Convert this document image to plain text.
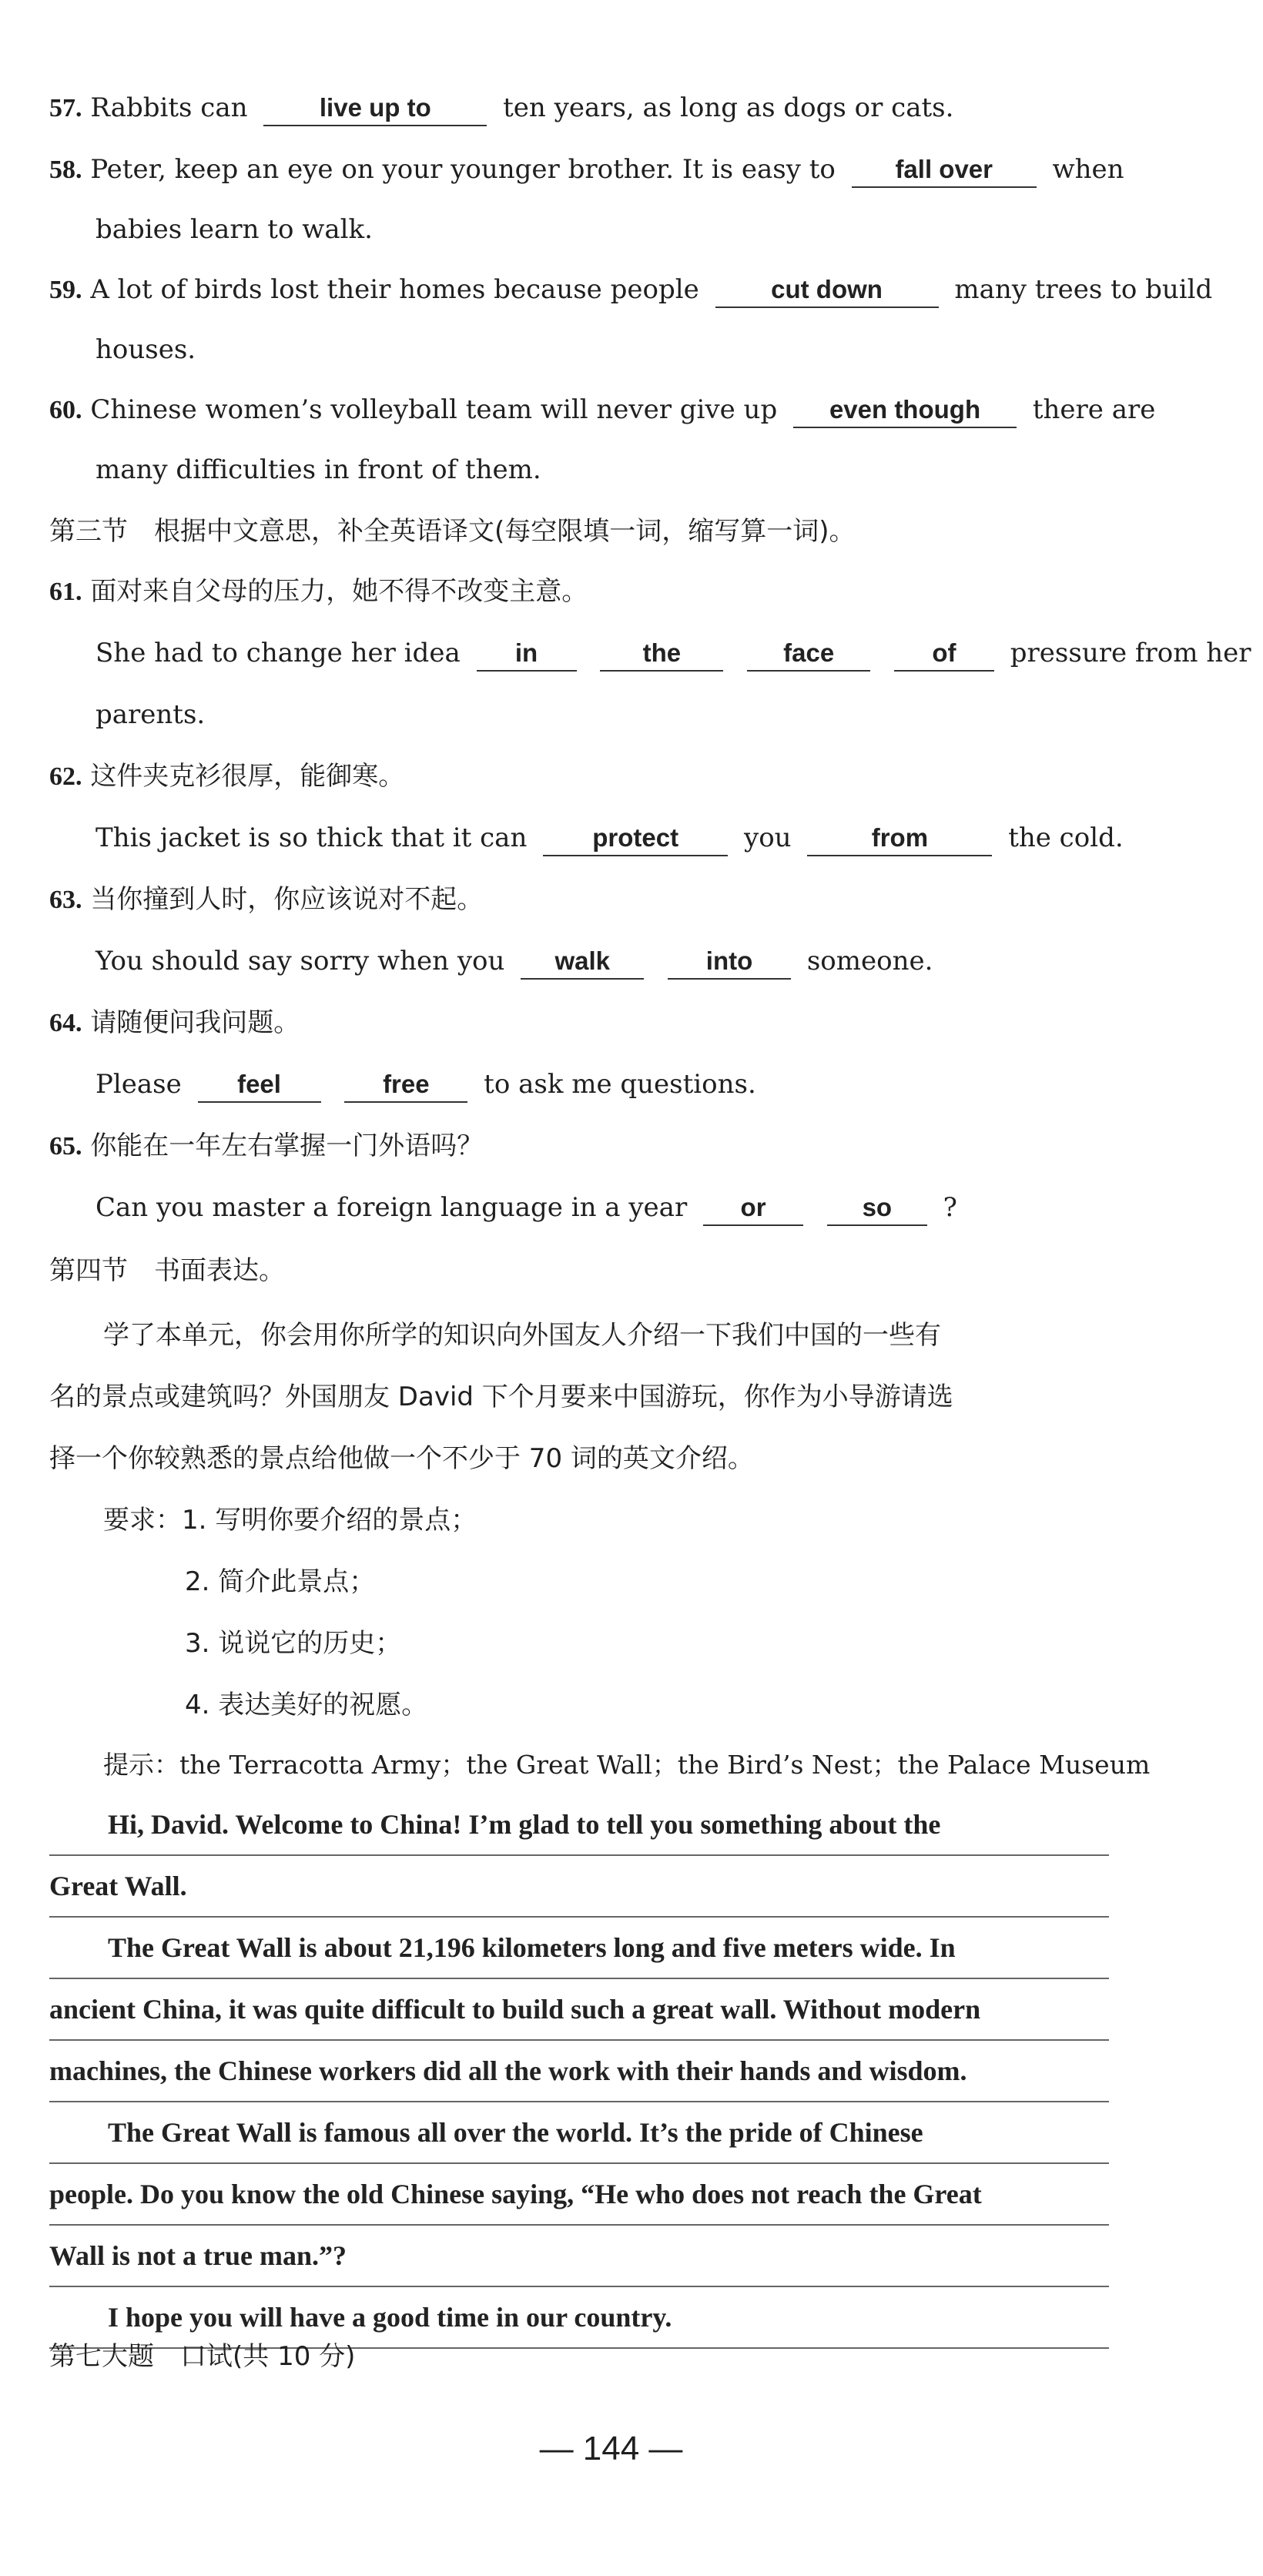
57. Rabbits can	live up to	ten years, as long as dogs or cats.
58. Peter, keep an eye on your younger brother. It is easy to fall over when
babies learn to walk.
59. A lot of birds lost their homes because people	cut down	many trees to build
houses.
60. Chinese women’s volleyball team will never give up even though there are
many difficulties in front of them.
第三节　根据中文意思，补全英语译文(每空限填一词，缩写算一词)。
61. 面对来自父母的压力，她不得不改变主意。
She had to change her idea in	the	face	of pressure from her
parents.
62. 这件夹克衫很厚，能御寒。
This jacket is so thick that it can	protect you	from	the cold.
63. 当你撞到人时，你应该说对不起。
You should say sorry when you walk	into someone.
64. 请随便问我问题。
Please feel	free to ask me questions.
65. 你能在一年左右掌握一门外语吗？
Can you master a foreign language in a year or	so ?
第四节　书面表达。
学了本单元，你会用你所学的知识向外国友人介绍一下我们中国的一些有
名的景点或建筑吗？外国朋友 David 下个月要来中国游玩，你作为小导游请选
择一个你较熟悉的景点给他做一个不少于 70 词的英文介绍。
要求：1. 写明你要介绍的景点；
2. 简介此景点；
3. 说说它的历史；
4. 表达美好的祝愿。
提示：the Terracotta Army；the Great Wall；the Bird’s Nest；the Palace Museum
Hi, David. Welcome to China! I’m glad to tell you something about the
Great Wall.
The Great Wall is about 21,196 kilometers long and five meters wide. In
ancient China, it was quite difficult to build such a great wall. Without modern
machines, the Chinese workers did all the work with their hands and wisdom.
The Great Wall is famous all over the world. It’s the pride of Chinese
people. Do you know the old Chinese saying, “He who does not reach the Great
Wall is not a true man.”?
I hope you will have a good time in our country.
第七大题　口试(共 10 分)
— 144 —
